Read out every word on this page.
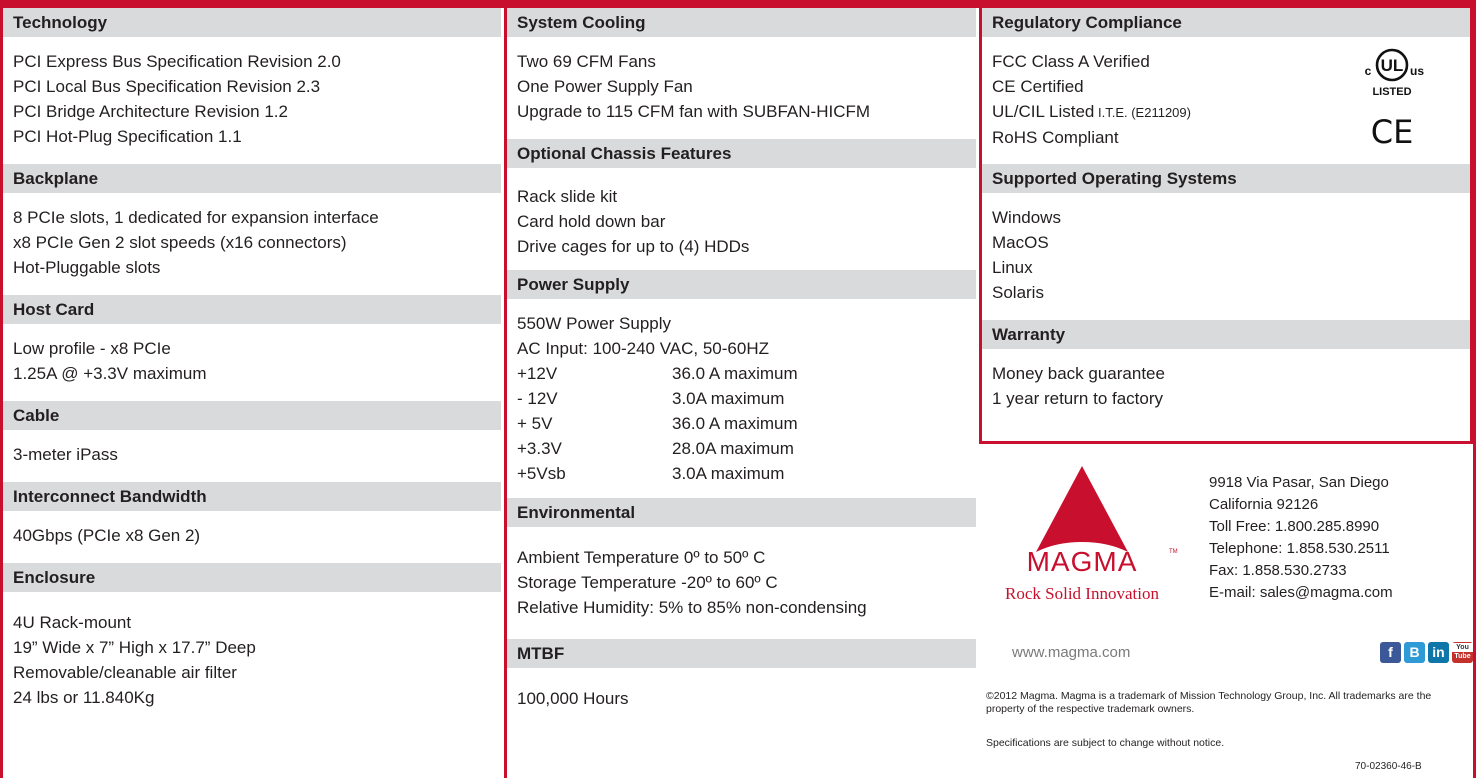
Technology
PCI Express Bus Specification Revision 2.0
PCI Local Bus Specification Revision 2.3
PCI Bridge Architecture Revision 1.2
PCI Hot-Plug Specification 1.1
Backplane
8 PCIe slots, 1 dedicated for expansion interface
x8 PCIe Gen 2 slot speeds (x16 connectors)
Hot-Pluggable slots
Host Card
Low profile - x8 PCIe
1.25A @ +3.3V maximum
Cable
3-meter iPass
Interconnect Bandwidth
40Gbps (PCIe x8 Gen 2)
Enclosure
4U Rack-mount
19” Wide x 7” High x 17.7” Deep
Removable/cleanable air filter
24 lbs or 11.840Kg
System Cooling
Two 69 CFM Fans
One Power Supply Fan
Upgrade to 115 CFM fan with SUBFAN-HICFM
Optional Chassis Features
Rack slide kit
Card hold down bar
Drive cages for up to (4) HDDs
Power Supply
550W Power Supply
AC Input: 100-240 VAC, 50-60HZ
+12V	36.0 A maximum
- 12V	3.0A maximum
+ 5V	36.0 A maximum
+3.3V	28.0A maximum
+5Vsb	3.0A maximum
Environmental
Ambient Temperature 0º to 50º C
Storage Temperature -20º to 60º C
Relative Humidity: 5% to 85% non-condensing
MTBF
100,000 Hours
Regulatory Compliance
FCC Class A Verified
CE Certified
UL/CIL Listed I.T.E. (E211209)
RoHS Compliant
UL
c	us
LISTED
CE
Supported Operating Systems
Windows
MacOS
Linux
Solaris
Warranty
Money back guarantee
1 year return to factory
MAGMA	TM
Rock Solid Innovation
9918 Via Pasar, San Diego
California 92126
Toll Free: 1.800.285.8990
Telephone: 1.858.530.2511
Fax: 1.858.530.2733
E-mail: sales@magma.com
www.magma.com	f	B in	You
Tube
©2012 Magma. Magma is a trademark of Mission Technology Group, Inc. All trademarks are the property of the respective trademark owners.
Specifications are subject to change without notice.
70-02360-46-B
